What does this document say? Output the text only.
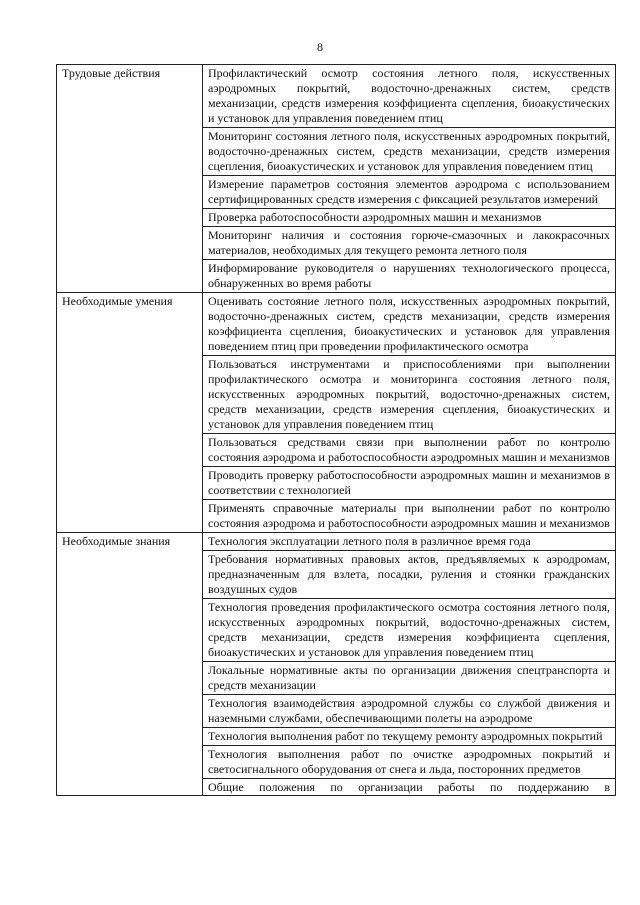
8
Трудовые действия	Профилактический осмотр состояния летного поля, искусственных аэродромных покрытий, водосточно-дренажных систем, средств механизации, средств измерения коэффициента сцепления, биоакустических и установок для управления поведением птиц
	Мониторинг состояния летного поля, искусственных аэродромных покрытий, водосточно-дренажных систем, средств механизации, средств измерения сцепления, биоакустических и установок для управления поведением птиц
	Измерение параметров состояния элементов аэродрома с использованием сертифицированных средств измерения с фиксацией результатов измерений
	Проверка работоспособности аэродромных машин и механизмов
	Мониторинг наличия и состояния горюче-смазочных и лакокрасочных материалов, необходимых для текущего ремонта летного поля
	Информирование руководителя о нарушениях технологического процесса, обнаруженных во время работы
Необходимые умения	Оценивать состояние летного поля, искусственных аэродромных покрытий, водосточно-дренажных систем, средств механизации, средств измерения коэффициента сцепления, биоакустических и установок для управления поведением птиц при проведении профилактического осмотра
	Пользоваться инструментами и приспособлениями при выполнении профилактического осмотра и мониторинга состояния летного поля, искусственных аэродромных покрытий, водосточно-дренажных систем, средств механизации, средств измерения сцепления, биоакустических и установок для управления поведением птиц
	Пользоваться средствами связи при выполнении работ по контролю состояния аэродрома и работоспособности аэродромных машин и механизмов
	Проводить проверку работоспособности аэродромных машин и механизмов в соответствии с технологией
	Применять справочные материалы при выполнении работ по контролю состояния аэродрома и работоспособности аэродромных машин и механизмов
Необходимые знания	Технология эксплуатации летного поля в различное время года
	Требования нормативных правовых актов, предъявляемых к аэродромам, предназначенным для взлета, посадки, руления и стоянки гражданских воздушных судов
	Технология проведения профилактического осмотра состояния летного поля, искусственных аэродромных покрытий, водосточно-дренажных систем, средств механизации, средств измерения коэффициента сцепления, биоакустических и установок для управления поведением птиц
	Локальные нормативные акты по организации движения спецтранспорта и средств механизации
	Технология взаимодействия аэродромной службы со службой движения и наземными службами, обеспечивающими полеты на аэродроме
	Технология выполнения работ по текущему ремонту аэродромных покрытий
	Технология выполнения работ по очистке аэродромных покрытий и светосигнального оборудования от снега и льда, посторонних предметов

	Общие положения по организации работы по поддержанию в
